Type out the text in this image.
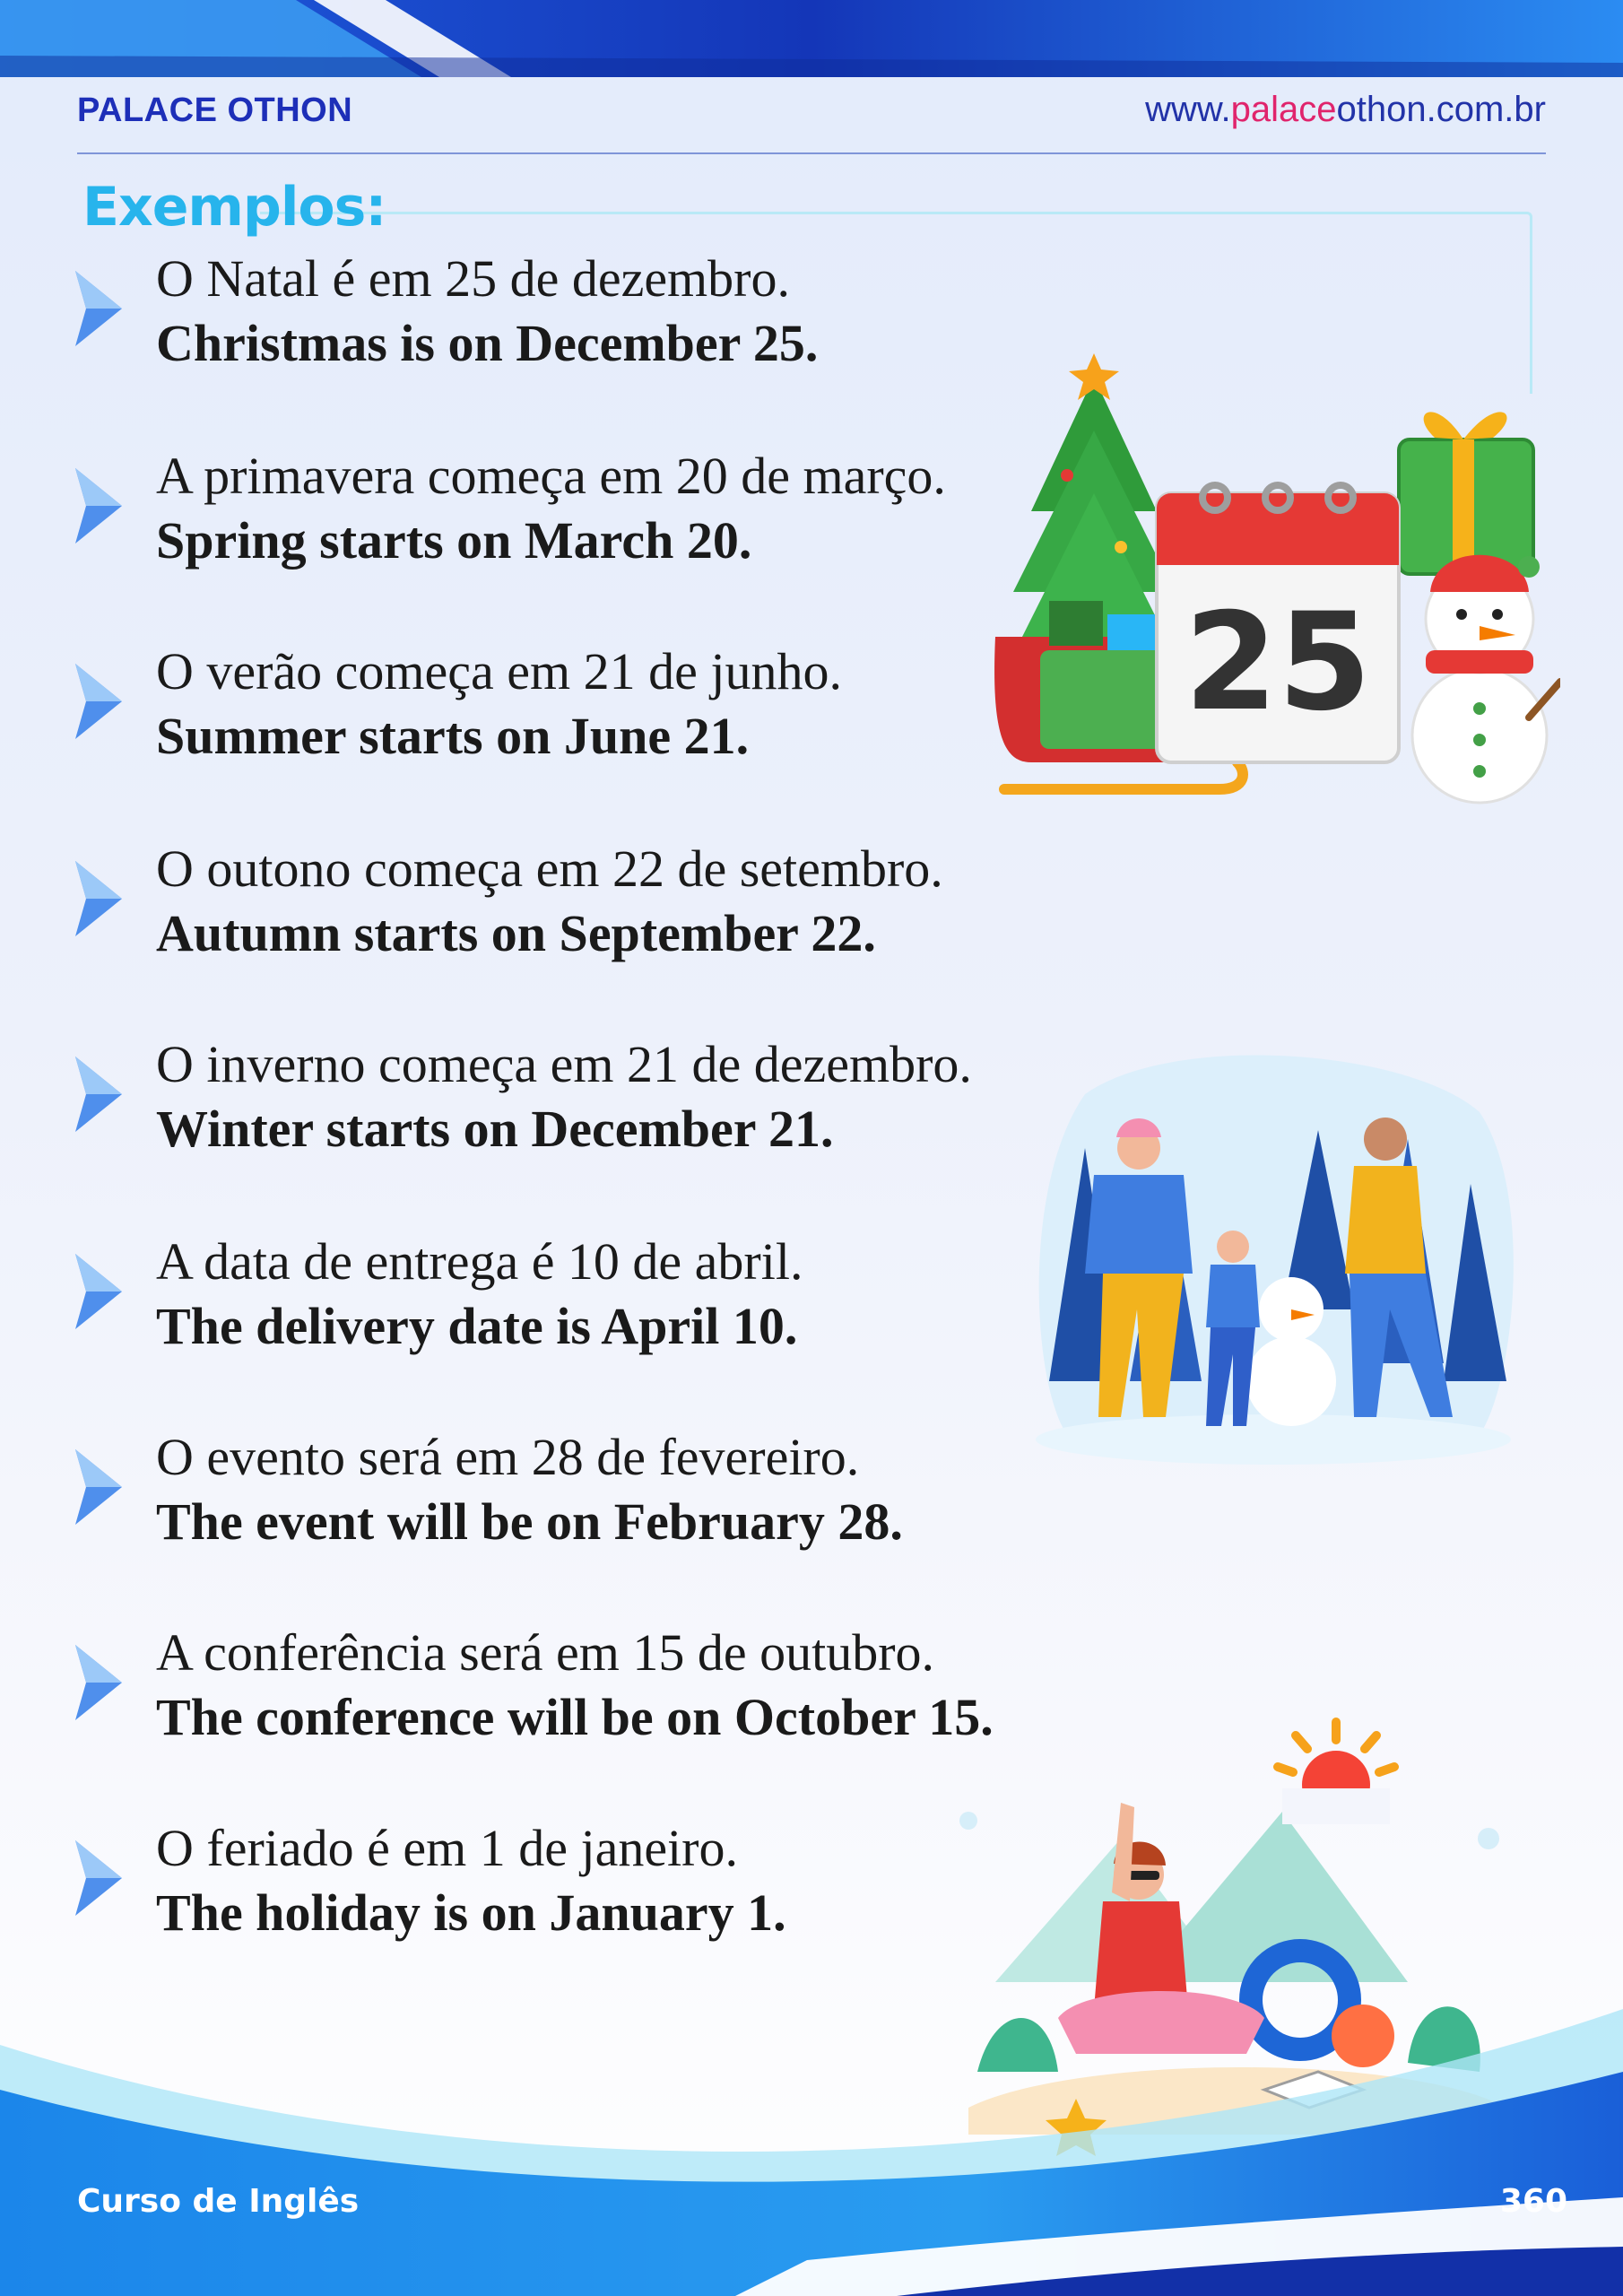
PALACE OTHON	www.palaceothon.com.br
Exemplos:
O Natal é em 25 de dezembro.
Christmas is on December 25.
A primavera começa em 20 de março.
Spring starts on March 20.
O verão começa em 21 de junho.
Summer starts on June 21.
O outono começa em 22 de setembro.
Autumn starts on September 22.
O inverno começa em 21 de dezembro.
Winter starts on December 21.
A data de entrega é 10 de abril.
The delivery date is April 10.
O evento será em 28 de fevereiro.
The event will be on February 28.
A conferência será em 15 de outubro.
The conference will be on October 15.
O feriado é em 1 de janeiro.
The holiday is on January 1.
25
Curso de Inglês	360
